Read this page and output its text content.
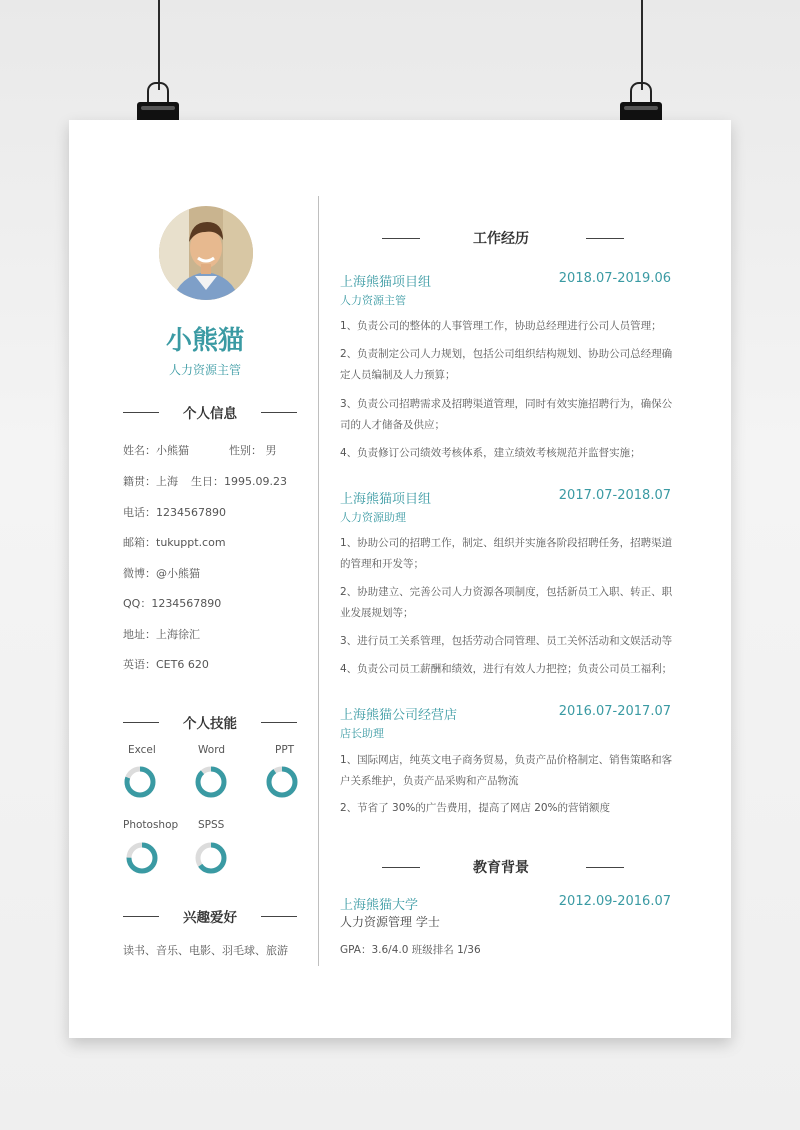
小熊猫
人力资源主管
个人信息
姓名：小熊猫	性别： 男
籍贯：上海 生日：1995.09.23
电话：1234567890
邮箱：tukuppt.com
微博：@小熊猫
QQ：1234567890
地址：上海徐汇
英语：CET6 620
个人技能
Excel	Word	PPT
Photoshop SPSS
兴趣爱好
读书、音乐、电影、羽毛球、旅游
工作经历
上海熊猫项目组	2018.07-2019.06
人力资源主管
1、负责公司的整体的人事管理工作，协助总经理进行公司人员管理；
2、负责制定公司人力规划，包括公司组织结构规划、协助公司总经理确定人员编制及人力预算；
3、负责公司招聘需求及招聘渠道管理，同时有效实施招聘行为，确保公司的人才储备及供应；
4、负责修订公司绩效考核体系，建立绩效考核规范并监督实施；
上海熊猫项目组	2017.07-2018.07
人力资源助理
1、协助公司的招聘工作，制定、组织并实施各阶段招聘任务，招聘渠道的管理和开发等；
2、协助建立、完善公司人力资源各项制度，包括新员工入职、转正、职业发展规划等；
3、进行员工关系管理，包括劳动合同管理、员工关怀活动和文娱活动等
4、负责公司员工薪酬和绩效，进行有效人力把控；负责公司员工福利；
上海熊猫公司经营店	2016.07-2017.07
店长助理
1、国际网店，纯英文电子商务贸易，负责产品价格制定、销售策略和客户关系维护，负责产品采购和产品物流
2、节省了 30%的广告费用，提高了网店 20%的营销额度
教育背景
上海熊猫大学	2012.09-2016.07
人力资源管理 学士
GPA：3.6/4.0 班级排名 1/36
